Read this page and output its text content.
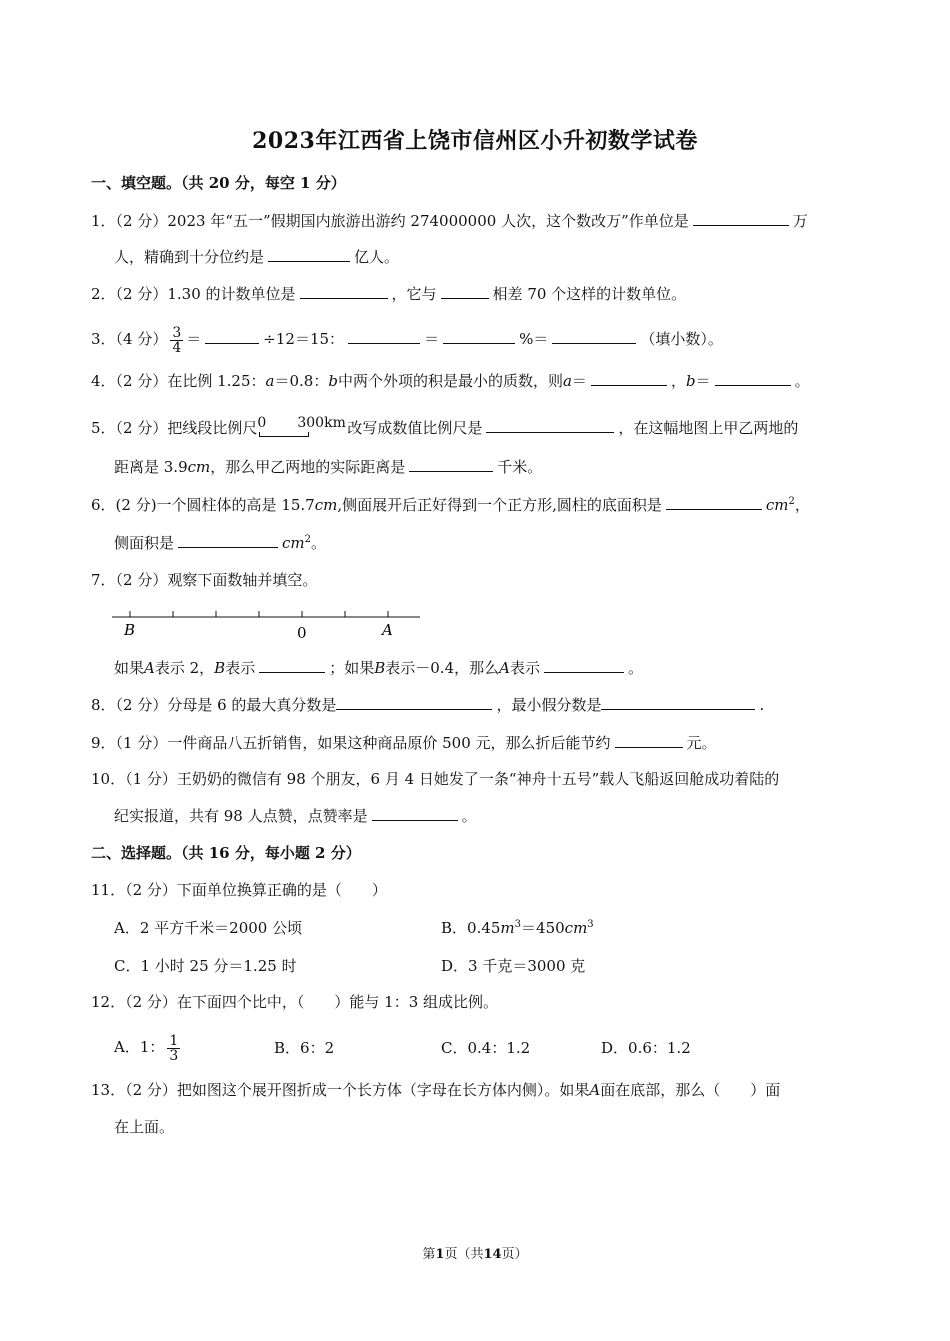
2023年江西省上饶市信州区小升初数学试卷
一、填空题。（共 20 分，每空 1 分）
1．（2 分）2023 年“五一”假期国内旅游出游约 274000000 人次，这个数改万”作单位是	万
人，精确到十分位约是	亿人。
2．（2 分）1.30 的计数单位是	，它与	相差 70 个这样的计数单位。
3．（4 分） $\frac{3}{4}$ ＝	÷12＝15：	＝	%＝	（填小数）。
4．（2 分）在比例 1.25：a＝0.8：b中两个外项的积是最小的质数，则a＝	，b＝	。
5．（2 分）把线段比例尺 0 300km 改写成数值比例尺是	，在这幅地图上甲乙两地的
距离是 3.9cm，那么甲乙两地的实际距离是	千米。
6．(2 分)一个圆柱体的高是 15.7cm,侧面展开后正好得到一个正方形,圆柱的底面积是	$cm^2$，
侧面积是	$cm^2$。
7．（2 分）观察下面数轴并填空。
B	0	A
如果A表示 2，B表示	；如果B表示－0.4，那么A表示	。
8．（2 分）分母是 6 的最大真分数是	，最小假分数是	.
9．（1 分）一件商品八五折销售，如果这种商品原价 500 元，那么折后能节约	元。
10．（1 分）王奶奶的微信有 98 个朋友，6 月 4 日她发了一条“神舟十五号”载人飞船返回舱成功着陆的
纪实报道，共有 98 人点赞，点赞率是	。
二、选择题。（共 16 分，每小题 2 分）
11．（2 分）下面单位换算正确的是（　　）
A．2 平方千米＝2000 公顷	B．$0.45m^3=450cm^3$
C．1 小时 25 分＝1.25 时	D．3 千克＝3000 克
12．（2 分）在下面四个比中，（　　）能与 1：3 组成比例。
A．1： $\frac{1}{3}$	B．6：2	C．0.4：1.2	D．0.6：1.2
13．（2 分）把如图这个展开图折成一个长方体（字母在长方体内侧）。如果A面在底部，那么（　　）面
在上面。
第1页（共14页）
